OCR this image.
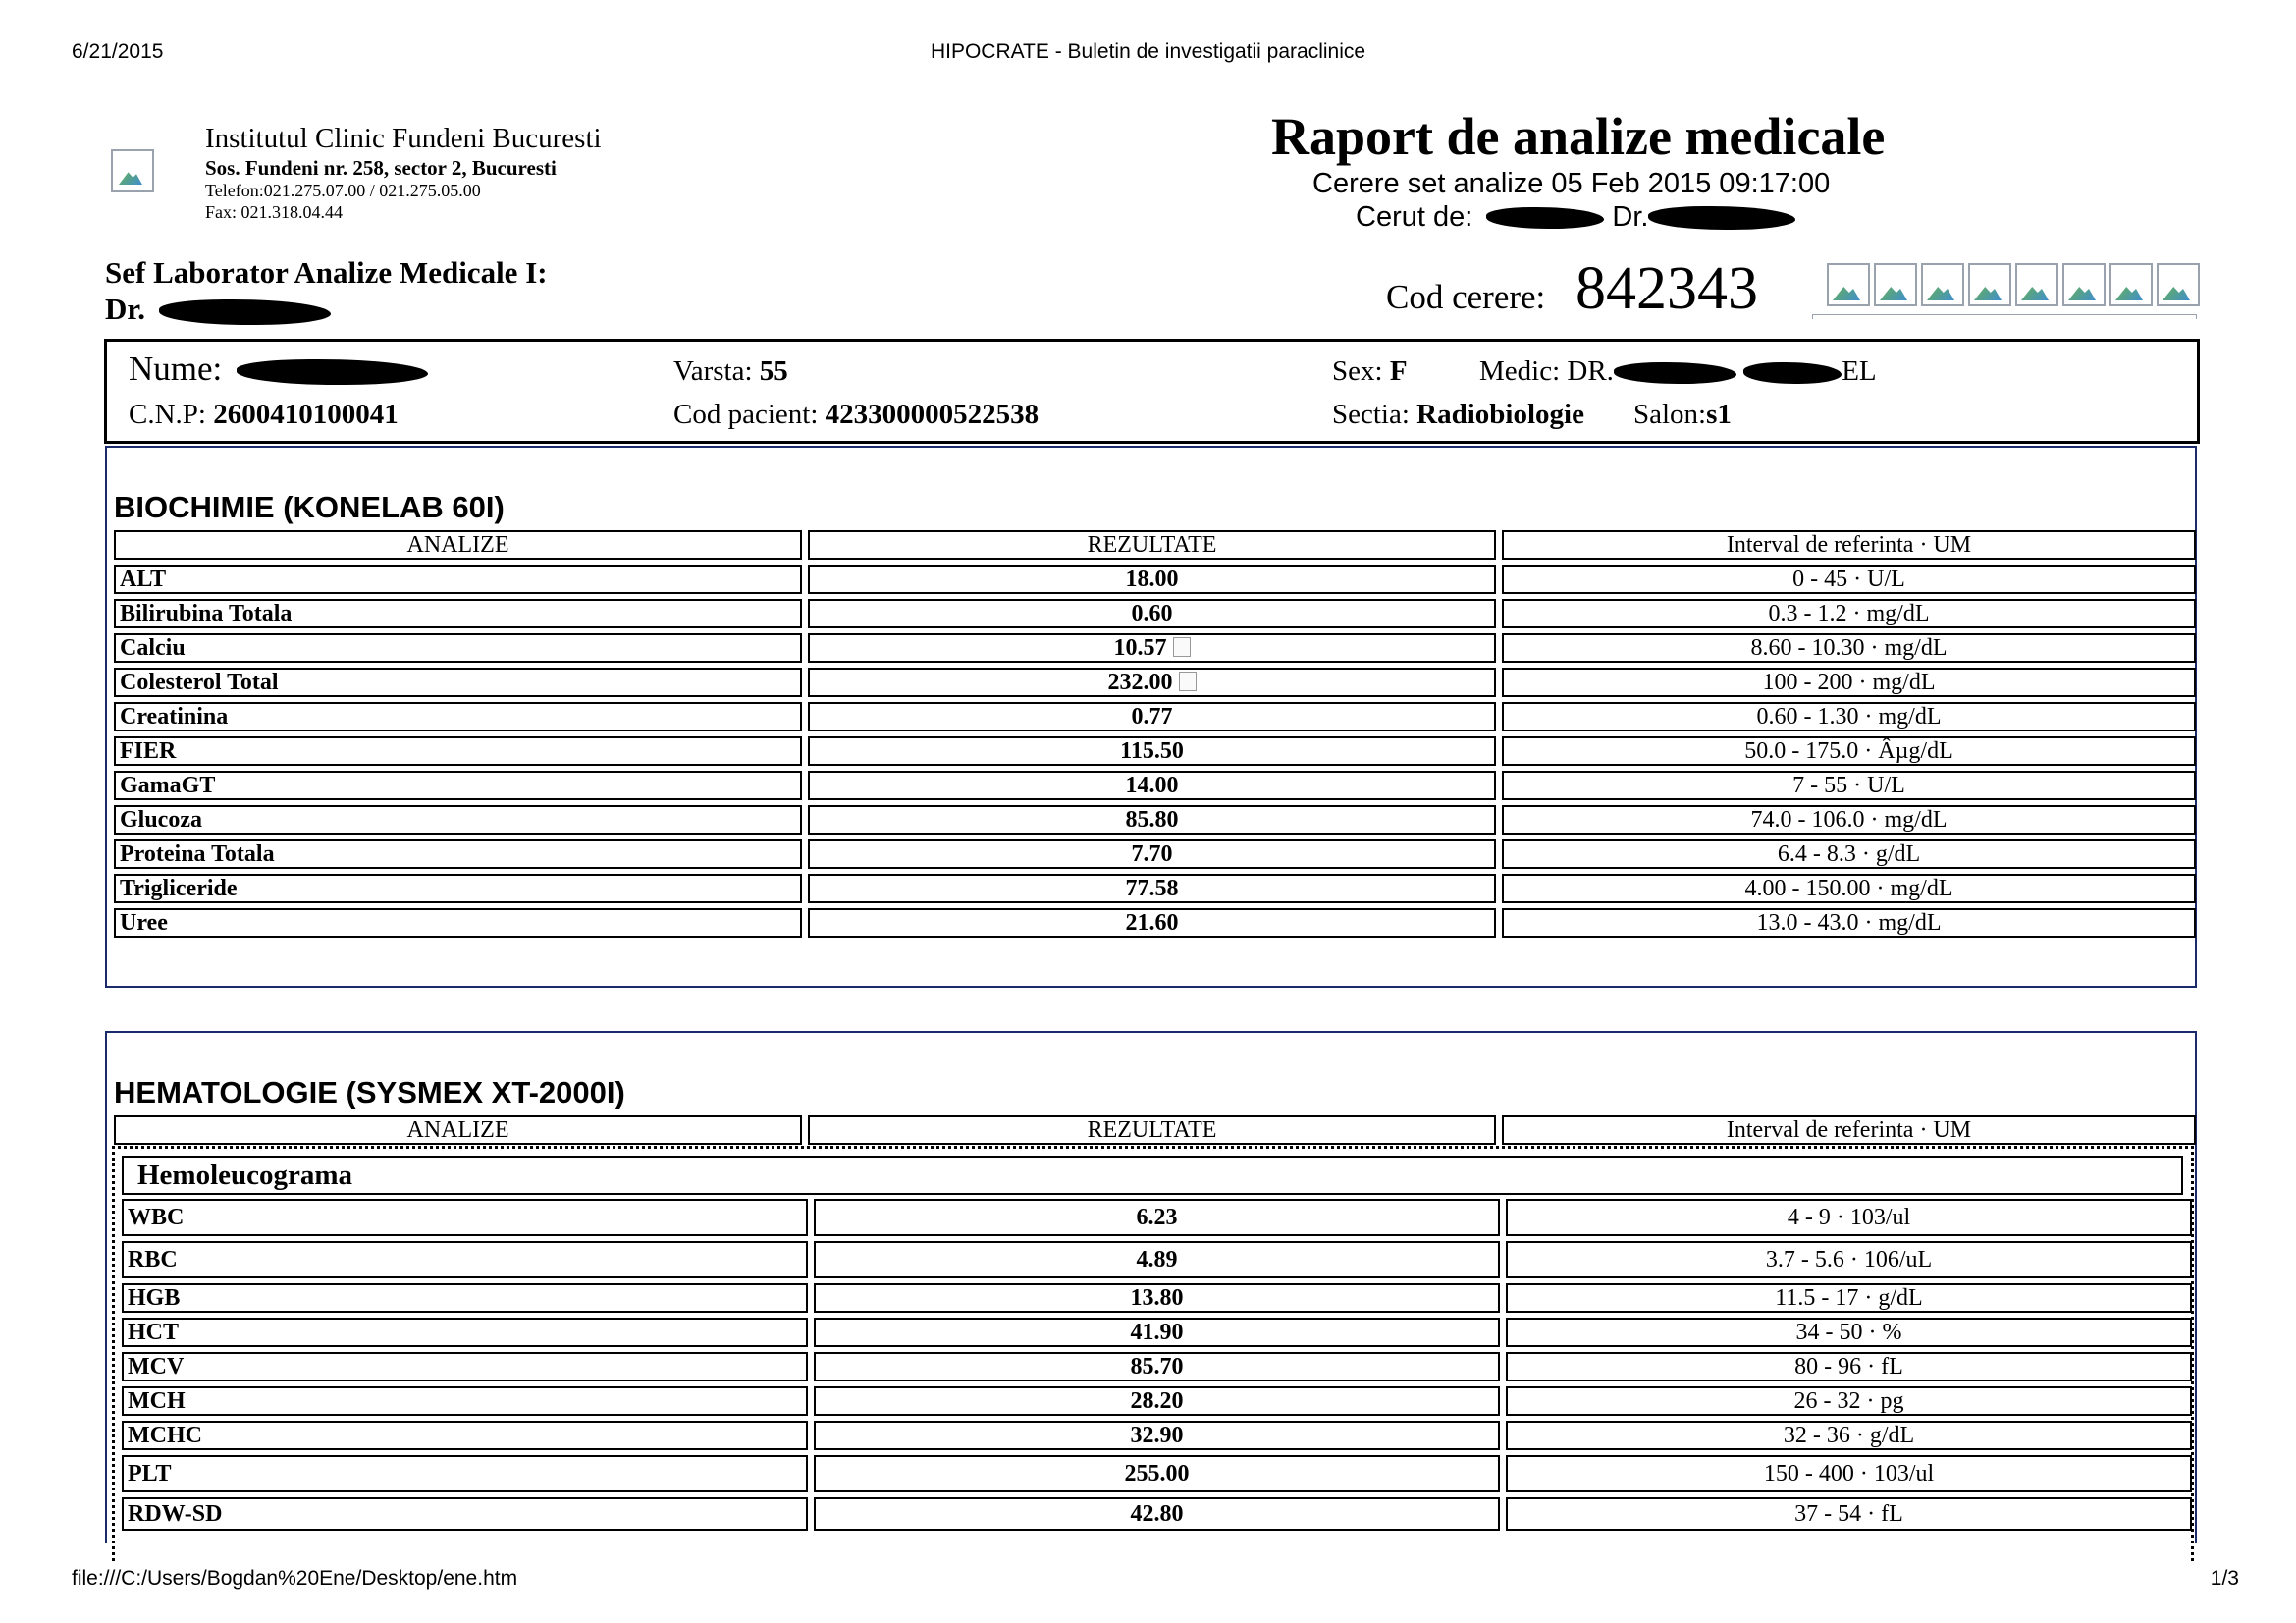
6/21/2015	HIPOCRATE - Buletin de investigatii paraclinice
file:///C:/Users/Bogdan%20Ene/Desktop/ene.htm	1/3
Institutul Clinic Fundeni Bucuresti
Sos. Fundeni nr. 258, sector 2, Bucuresti
Telefon:021.275.07.00 / 021.275.05.00
Fax: 021.318.04.44
Sef Laborator Analize Medicale I:
Dr.
Raport de analize medicale
Cerere set analize 05 Feb 2015 09:17:00
Cerut de:	Dr.
Cod cerere: 842343
Nume:	Varsta: 55	Sex: F	Medic: DR.	EL
C.N.P: 2600410100041	Cod pacient: 423300000522538	Sectia: Radiobiologie Salon:s1
BIOCHIMIE (KONELAB 60I)
ANALIZE	REZULTATE	Interval de referinta · UM
ALT	18.00	0 - 45 · U/L
Bilirubina Totala	0.60	0.3 - 1.2 · mg/dL
Calciu	10.57	8.60 - 10.30 · mg/dL
Colesterol Total	232.00	100 - 200 · mg/dL
Creatinina	0.77	0.60 - 1.30 · mg/dL
FIER	115.50	50.0 - 175.0 · Âµg/dL
GamaGT	14.00	7 - 55 · U/L
Glucoza	85.80	74.0 - 106.0 · mg/dL
Proteina Totala	7.70	6.4 - 8.3 · g/dL
Trigliceride	77.58	4.00 - 150.00 · mg/dL
Uree	21.60	13.0 - 43.0 · mg/dL
HEMATOLOGIE (SYSMEX XT-2000I)
ANALIZE	REZULTATE	Interval de referinta · UM
Hemoleucograma
WBC	6.23	4 - 9 · 103/ul
RBC	4.89	3.7 - 5.6 · 106/uL
HGB	13.80	11.5 - 17 · g/dL
HCT	41.90	34 - 50 · %
MCV	85.70	80 - 96 · fL
MCH	28.20	26 - 32 · pg
MCHC	32.90	32 - 36 · g/dL
PLT	255.00	150 - 400 · 103/ul
RDW-SD	42.80	37 - 54 · fL
